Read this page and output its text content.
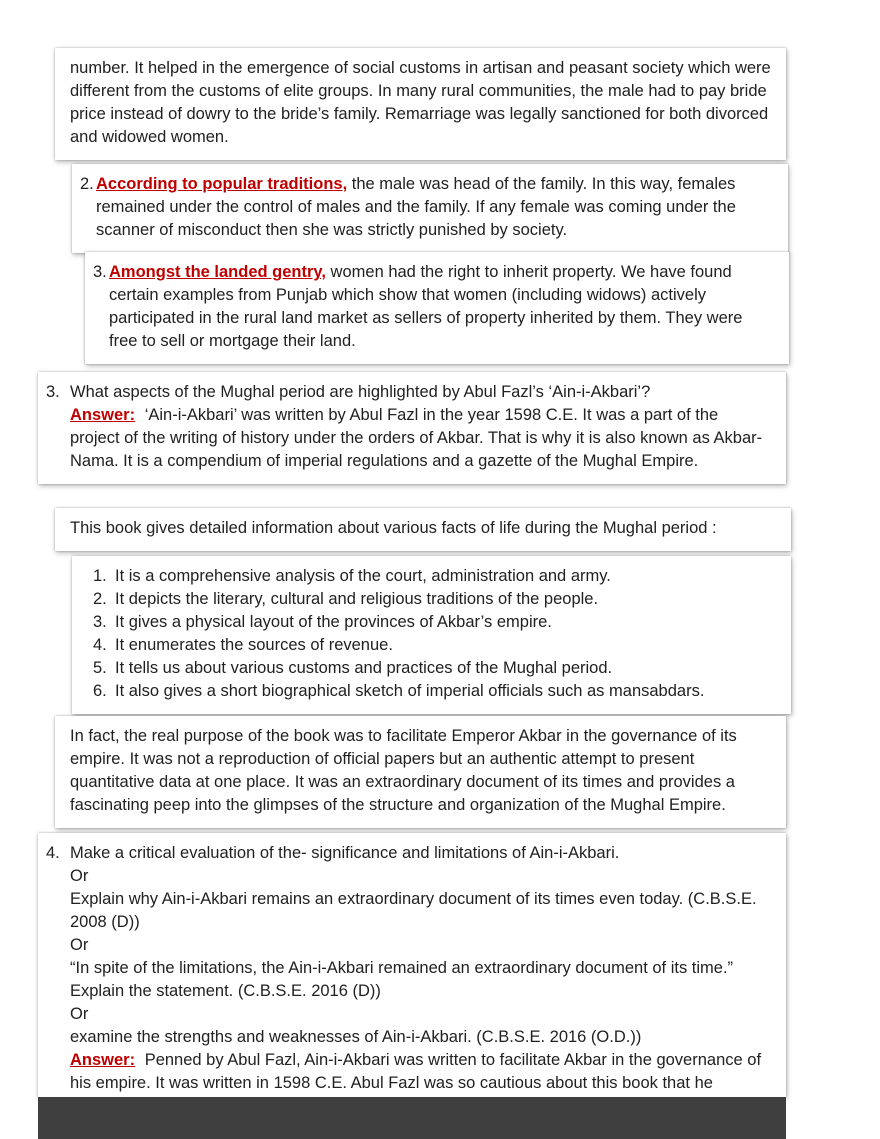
number. It helped in the emergence of social customs in artisan and peasant society which were different from the customs of elite groups. In many rural communities, the male had to pay bride price instead of dowry to the bride’s family. Remarriage was legally sanctioned for both divorced and widowed women.

2. According to popular traditions, the male was head of the family. In this way, females remained under the control of males and the family. If any female was coming under the scanner of misconduct then she was strictly punished by society.

3. Amongst the landed gentry, women had the right to inherit property. We have found certain examples from Punjab which show that women (including widows) actively participated in the rural land market as sellers of property inherited by them. They were free to sell or mortgage their land.

3. What aspects of the Mughal period are highlighted by Abul Fazl’s ‘Ain-i-Akbari’?

Answer: ‘Ain-i-Akbari’ was written by Abul Fazl in the year 1598 C.E. It was a part of the project of the writing of history under the orders of Akbar. That is why it is also known as Akbar-Nama. It is a compendium of imperial regulations and a gazette of the Mughal Empire.

This book gives detailed information about various facts of life during the Mughal period :

1. It is a comprehensive analysis of the court, administration and army.
2. It depicts the literary, cultural and religious traditions of the people.
3. It gives a physical layout of the provinces of Akbar’s empire.
4. It enumerates the sources of revenue.
5. It tells us about various customs and practices of the Mughal period.
6. It also gives a short biographical sketch of imperial officials such as mansabdars.

In fact, the real purpose of the book was to facilitate Emperor Akbar in the governance of its empire. It was not a reproduction of official papers but an authentic attempt to present quantitative data at one place. It was an extraordinary document of its times and provides a fascinating peep into the glimpses of the structure and organization of the Mughal Empire.

4. Make a critical evaluation of the- significance and limitations of Ain-i-Akbari.
Or
Explain why Ain-i-Akbari remains an extraordinary document of its times even today. (C.B.S.E. 2008 (D))
Or
“In spite of the limitations, the Ain-i-Akbari remained an extraordinary document of its time.” Explain the statement. (C.B.S.E. 2016 (D))
Or
examine the strengths and weaknesses of Ain-i-Akbari. (C.B.S.E. 2016 (O.D.))

Answer: Penned by Abul Fazl, Ain-i-Akbari was written to facilitate Akbar in the governance of his empire. It was written in 1598 C.E. Abul Fazl was so cautious about this book that he
